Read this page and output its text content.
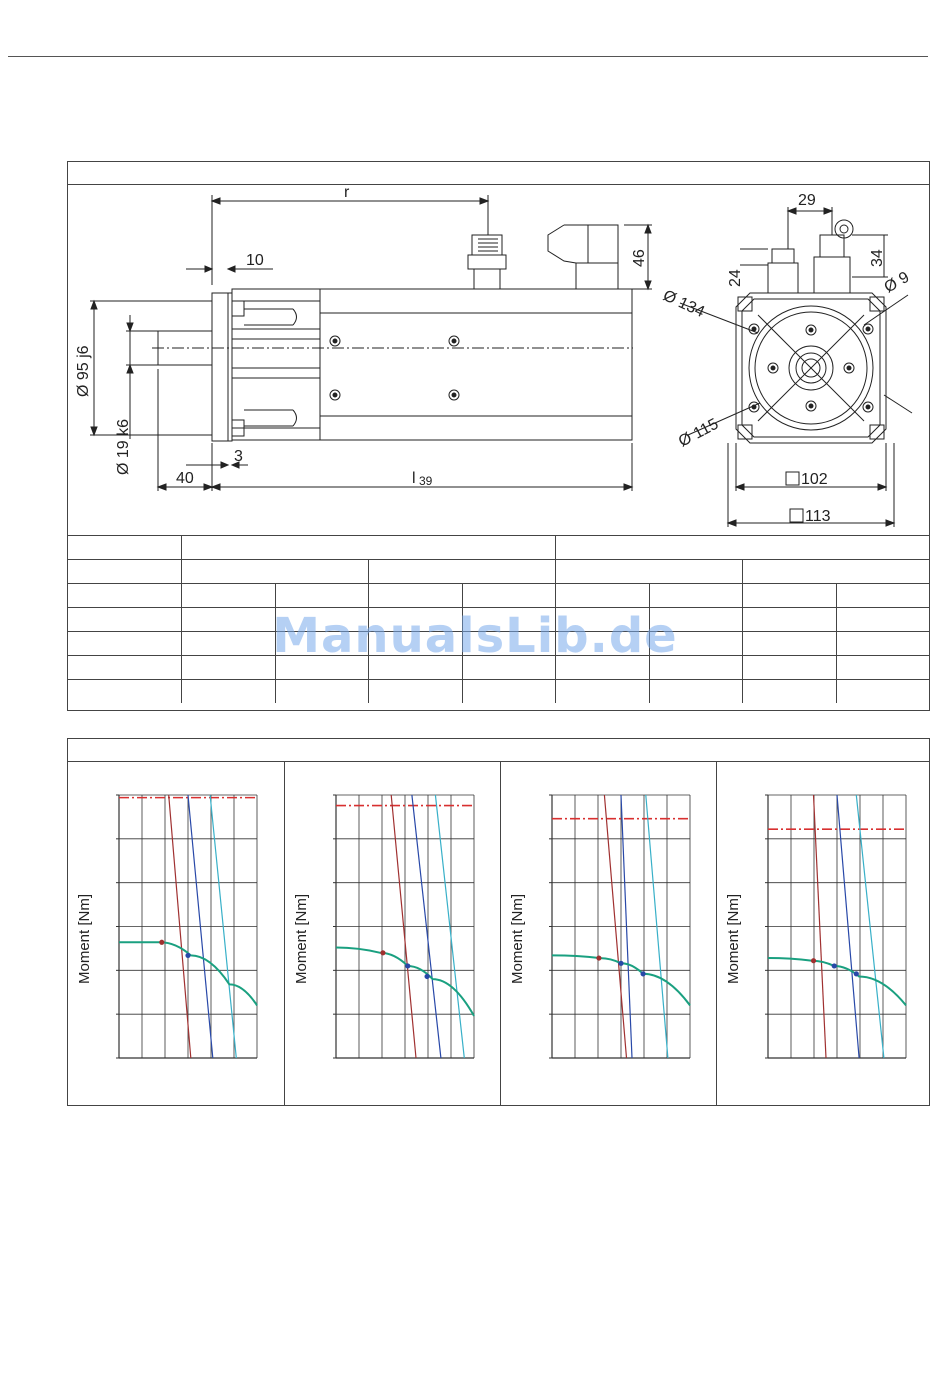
r
10	46
Ø 95 j6
Ø 19 k6	3
40	l 39
29
24
34
Ø 134
Ø 9
Ø 115
102
113

ManualsLib.de
Moment [Nm]	Moment [Nm]	Moment [Nm]	Moment [Nm]
